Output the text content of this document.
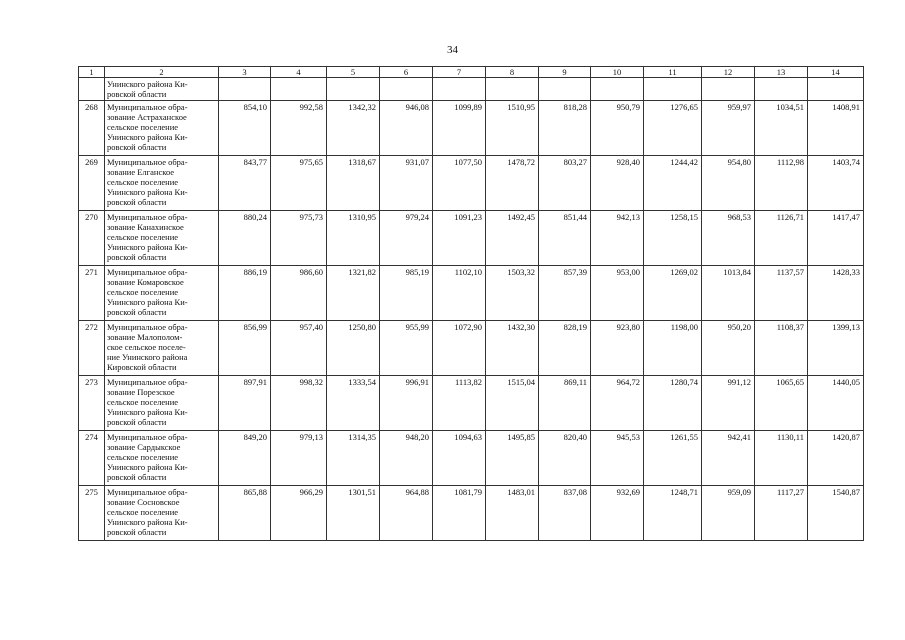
34
1	2	3	4	5	6	7	8	9	10	11	12	13	14

	Унинского района Ки-
ровской области												

268	Муниципальное обра-
зование Астраханское
сельское поселение
Унинского района Ки-
ровской области	854,10	992,58	1342,32	946,08	1099,89	1510,95	818,28	950,79	1276,65	959,97	1034,51	1408,91
269	Муниципальное обра-
зование Елганское
сельское поселение
Унинского района Ки-
ровской области	843,77	975,65	1318,67	931,07	1077,50	1478,72	803,27	928,40	1244,42	954,80	1112,98	1403,74
270	Муниципальное обра-
зование Канахинское
сельское поселение
Унинского района Ки-
ровской области	880,24	975,73	1310,95	979,24	1091,23	1492,45	851,44	942,13	1258,15	968,53	1126,71	1417,47
271	Муниципальное обра-
зование Комаровское
сельское поселение
Унинского района Ки-
ровской области	886,19	986,60	1321,82	985,19	1102,10	1503,32	857,39	953,00	1269,02	1013,84	1137,57	1428,33
272	Муниципальное обра-
зование Малополом-
ское сельское поселе-
ние Унинского района
Кировской области	856,99	957,40	1250,80	955,99	1072,90	1432,30	828,19	923,80	1198,00	950,20	1108,37	1399,13
273	Муниципальное обра-
зование Порезское
сельское поселение
Унинского района Ки-
ровской области	897,91	998,32	1333,54	996,91	1113,82	1515,04	869,11	964,72	1280,74	991,12	1065,65	1440,05
274	Муниципальное обра-
зование Сардыкское
сельское поселение
Унинского района Ки-
ровской области	849,20	979,13	1314,35	948,20	1094,63	1495,85	820,40	945,53	1261,55	942,41	1130,11	1420,87
275	Муниципальное обра-
зование Сосновское
сельское поселение
Унинского района Ки-
ровской области	865,88	966,29	1301,51	964,88	1081,79	1483,01	837,08	932,69	1248,71	959,09	1117,27	1540,87
